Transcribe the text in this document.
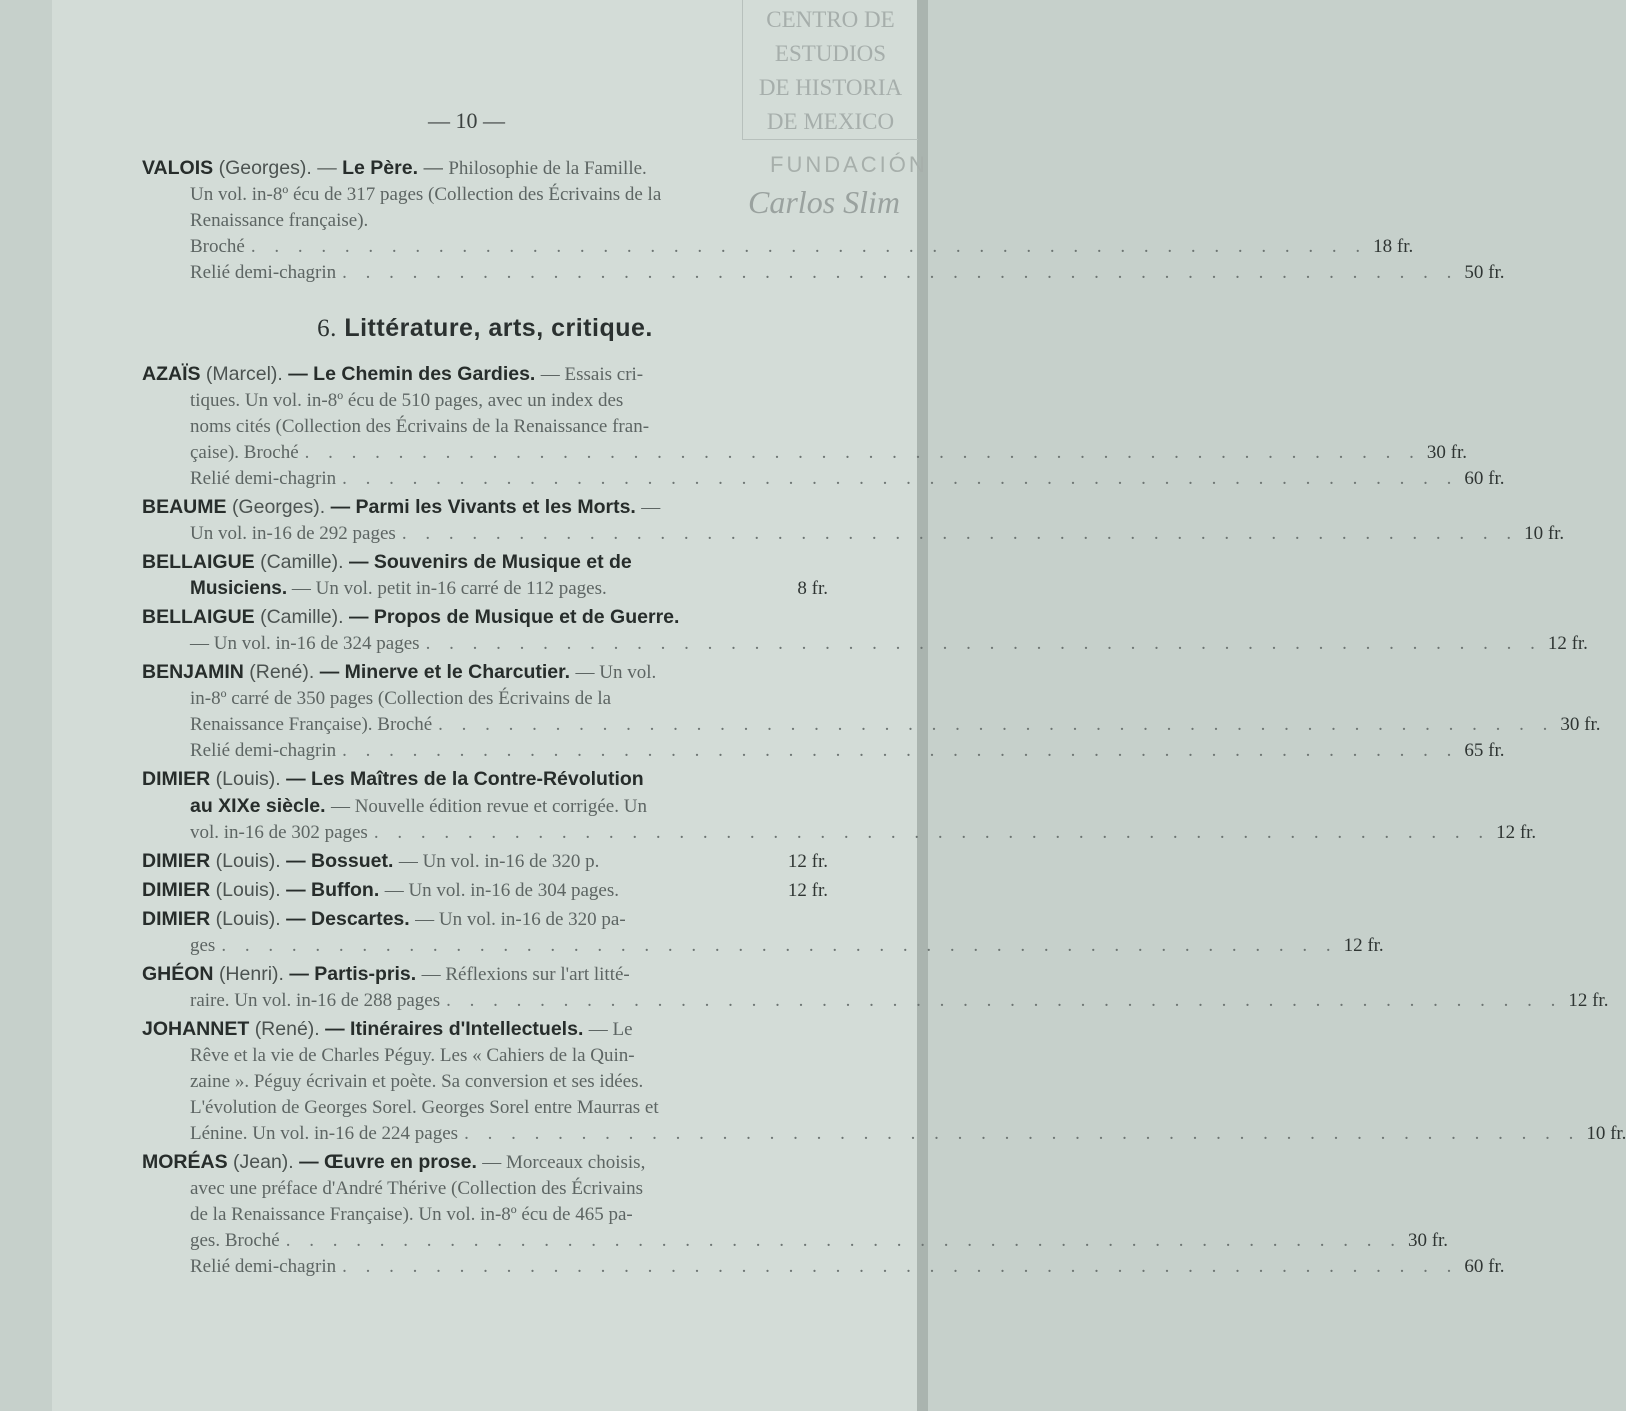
CENTRO DE
ESTUDIOS
DE HISTORIA
DE MEXICO
FUNDACIÓN
Carlos Slim
— 10 —
VALOIS (Georges). — Le Père. — Philosophie de la Famille.
Un vol. in-8º écu de 317 pages (Collection des Écrivains de la
Renaissance française).
Broché . . . . . . . . . . . . . . . . . . . . . . . . . . . . . . . . . . . . . . . . . . . . . . . . 18 fr.
Relié demi-chagrin . . . . . . . . . . . . . . . . . . . . . . . . . . . . . . . . . . . . . . . . . . . . . . . . 50 fr.
6. Littérature, arts, critique.
AZAÏS (Marcel). — Le Chemin des Gardies. — Essais cri-
tiques. Un vol. in-8º écu de 510 pages, avec un index des
noms cités (Collection des Écrivains de la Renaissance fran-
çaise). Broché . . . . . . . . . . . . . . . . . . . . . . . . . . . . . . . . . . . . . . . . . . . . . . . . 30 fr.
Relié demi-chagrin . . . . . . . . . . . . . . . . . . . . . . . . . . . . . . . . . . . . . . . . . . . . . . . . 60 fr.
BEAUME (Georges). — Parmi les Vivants et les Morts. —
Un vol. in-16 de 292 pages . . . . . . . . . . . . . . . . . . . . . . . . . . . . . . . . . . . . . . . . . . . . . . . . 10 fr.
BELLAIGUE (Camille). — Souvenirs de Musique et de
Musiciens. — Un vol. petit in-16 carré de 112 pages.	8 fr.
BELLAIGUE (Camille). — Propos de Musique et de Guerre.
— Un vol. in-16 de 324 pages . . . . . . . . . . . . . . . . . . . . . . . . . . . . . . . . . . . . . . . . . . . . . . . . 12 fr.
BENJAMIN (René). — Minerve et le Charcutier. — Un vol.
in-8º carré de 350 pages (Collection des Écrivains de la
Renaissance Française). Broché . . . . . . . . . . . . . . . . . . . . . . . . . . . . . . . . . . . . . . . . . . . . . . . . 30 fr.
Relié demi-chagrin . . . . . . . . . . . . . . . . . . . . . . . . . . . . . . . . . . . . . . . . . . . . . . . . 65 fr.
DIMIER (Louis). — Les Maîtres de la Contre-Révolution
au XIXe siècle. — Nouvelle édition revue et corrigée. Un
vol. in-16 de 302 pages . . . . . . . . . . . . . . . . . . . . . . . . . . . . . . . . . . . . . . . . . . . . . . . . 12 fr.
DIMIER (Louis). — Bossuet. — Un vol. in-16 de 320 p.	12 fr.
DIMIER (Louis). — Buffon. — Un vol. in-16 de 304 pages.	12 fr.
DIMIER (Louis). — Descartes. — Un vol. in-16 de 320 pa-
ges . . . . . . . . . . . . . . . . . . . . . . . . . . . . . . . . . . . . . . . . . . . . . . . . 12 fr.
GHÉON (Henri). — Partis-pris. — Réflexions sur l'art litté-
raire. Un vol. in-16 de 288 pages . . . . . . . . . . . . . . . . . . . . . . . . . . . . . . . . . . . . . . . . . . . . . . . . 12 fr.
JOHANNET (René). — Itinéraires d'Intellectuels. — Le
Rêve et la vie de Charles Péguy. Les « Cahiers de la Quin-
zaine ». Péguy écrivain et poète. Sa conversion et ses idées.
L'évolution de Georges Sorel. Georges Sorel entre Maurras et
Lénine. Un vol. in-16 de 224 pages . . . . . . . . . . . . . . . . . . . . . . . . . . . . . . . . . . . . . . . . . . . . . . . . 10 fr.
MORÉAS (Jean). — Œuvre en prose. — Morceaux choisis,
avec une préface d'André Thérive (Collection des Écrivains
de la Renaissance Française). Un vol. in-8º écu de 465 pa-
ges. Broché . . . . . . . . . . . . . . . . . . . . . . . . . . . . . . . . . . . . . . . . . . . . . . . . 30 fr.
Relié demi-chagrin . . . . . . . . . . . . . . . . . . . . . . . . . . . . . . . . . . . . . . . . . . . . . . . . 60 fr.
